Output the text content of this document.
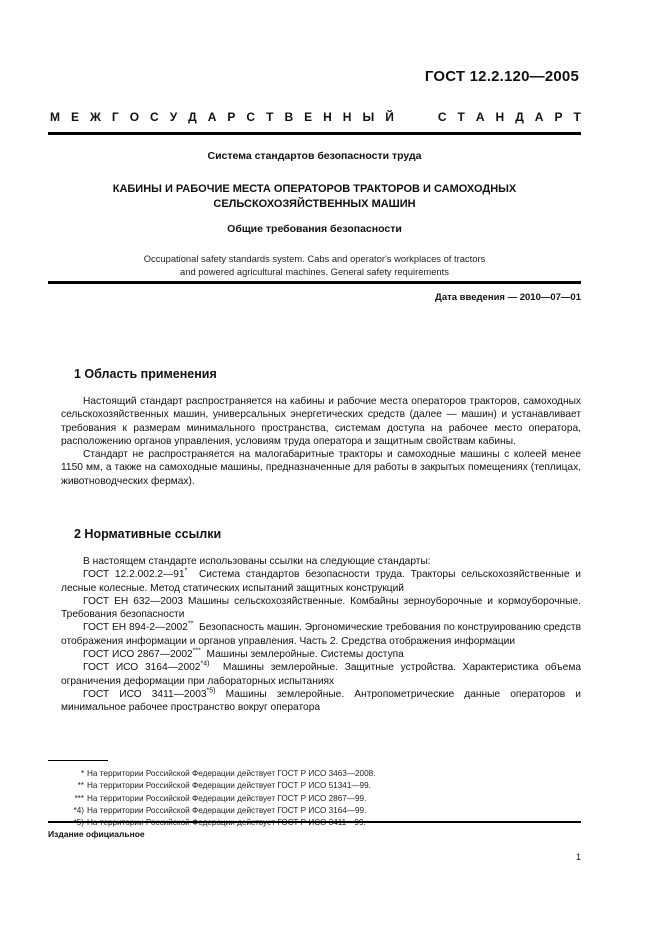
ГОСТ 12.2.120—2005
М Е Ж Г О С У Д А Р С Т В Е Н Н Ы Й	С Т А Н Д А Р Т
Система стандартов безопасности труда
КАБИНЫ И РАБОЧИЕ МЕСТА ОПЕРАТОРОВ ТРАКТОРОВ И САМОХОДНЫХ
СЕЛЬСКОХОЗЯЙСТВЕННЫХ МАШИН
Общие требования безопасности
Occupational safety standards system. Cabs and operator's workplaces of tractors
and powered agricultural machines. General safety requirements
Дата введения — 2010—07—01
1 Область применения

Настоящий стандарт распространяется на кабины и рабочие места операторов тракторов, самоходных сельскохозяйственных машин, универсальных энергетических средств (далее — машин) и устанавливает требования к размерам минимального пространства, системам доступа на рабочее место оператора, расположению органов управления, условиям труда оператора и защитным свойствам кабины.

Стандарт не распространяется на малогабаритные тракторы и самоходные машины с колеей менее 1150 мм, а также на самоходные машины, предназначенные для работы в закрытых помещениях (теплицах, животноводческих фермах).

2 Нормативные ссылки

В настоящем стандарте использованы ссылки на следующие стандарты:

ГОСТ 12.2.002.2—91* Система стандартов безопасности труда. Тракторы сельскохозяйственные и лесные колесные. Метод статических испытаний защитных конструкций

ГОСТ ЕН 632—2003 Машины сельскохозяйственные. Комбайны зерноуборочные и кормоуборочные. Требования безопасности

ГОСТ ЕН 894-2—2002** Безопасность машин. Эргономические требования по конструированию средств отображения информации и органов управления. Часть 2. Средства отображения информации

ГОСТ ИСО 2867—2002*** Машины землеройные. Системы доступа

ГОСТ ИСО 3164—2002$^{*4)}$ Машины землеройные. Защитные устройства. Характеристика объема ограничения деформации при лабораторных испытаниях

ГОСТ ИСО 3411—2003$^{*5)}$ Машины землеройные. Антропометрические данные операторов и минимальное рабочее пространство вокруг оператора

* На территории Российской Федерации действует ГОСТ Р ИСО 3463—2008.
** На территории Российской Федерации действует ГОСТ Р ИСО 51341—99.
*** На территории Российской Федерации действует ГОСТ Р ИСО 2867—99.
*4) На территории Российской Федерации действует ГОСТ Р ИСО 3164—99.
Издание официальное
1
